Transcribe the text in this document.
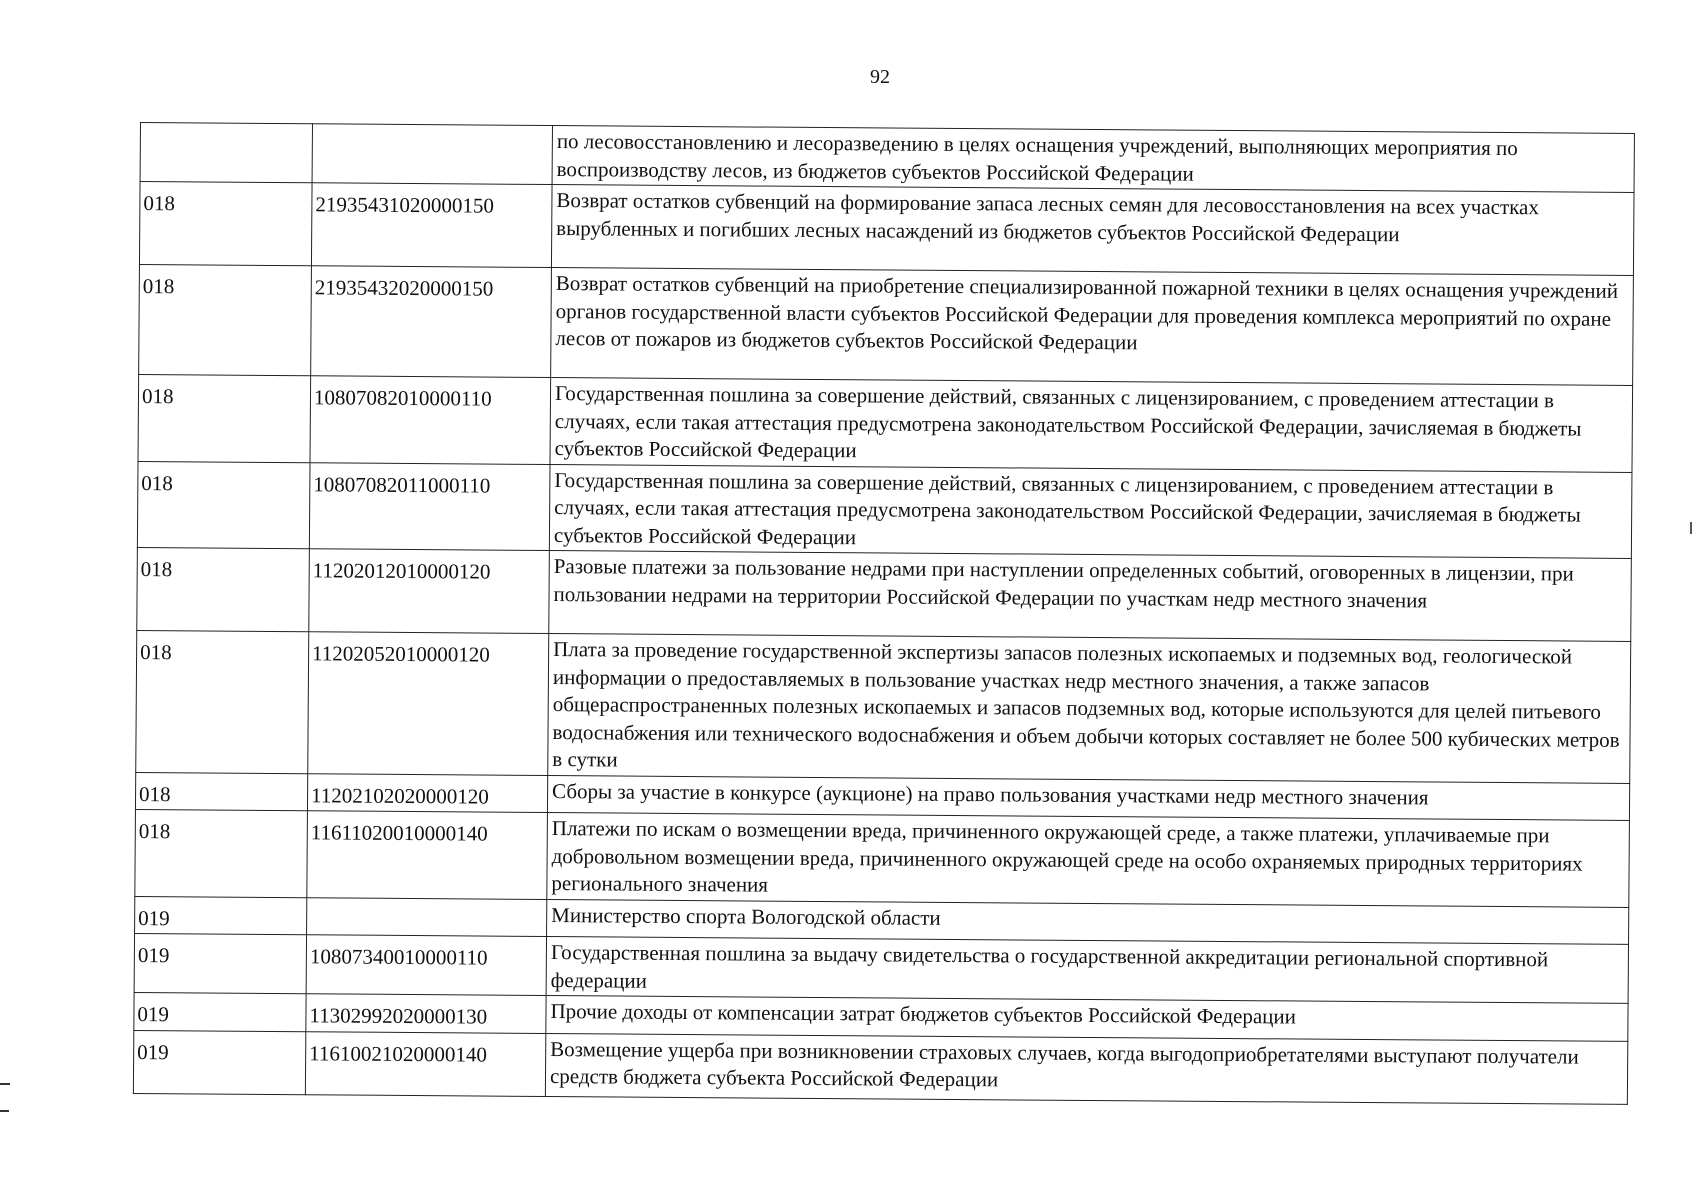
92
		по лесовосстановлению и лесоразведению в целях оснащения учреждений, выполняющих мероприятия по воспроизводству лесов, из бюджетов субъектов Российской Федерации
018	21935431020000150	Возврат остатков субвенций на формирование запаса лесных семян для лесовосстановления на всех участках вырубленных и погибших лесных насаждений из бюджетов субъектов Российской Федерации
018	21935432020000150	Возврат остатков субвенций на приобретение специализированной пожарной техники в целях оснащения учреждений органов государственной власти субъектов Российской Федерации для проведения комплекса мероприятий по охране лесов от пожаров из бюджетов субъектов Российской Федерации
018	10807082010000110	Государственная пошлина за совершение действий, связанных с лицензированием, с проведением аттестации в случаях, если такая аттестация предусмотрена законодательством Российской Федерации, зачисляемая в бюджеты субъектов Российской Федерации
018	10807082011000110	Государственная пошлина за совершение действий, связанных с лицензированием, с проведением аттестации в случаях, если такая аттестация предусмотрена законодательством Российской Федерации, зачисляемая в бюджеты субъектов Российской Федерации
018	11202012010000120	Разовые платежи за пользование недрами при наступлении определенных событий, оговоренных в лицензии, при пользовании недрами на территории Российской Федерации по участкам недр местного значения
018	11202052010000120	Плата за проведение государственной экспертизы запасов полезных ископаемых и подземных вод, геологической информации о предоставляемых в пользование участках недр местного значения, а также запасов общераспространенных полезных ископаемых и запасов подземных вод, которые используются для целей питьевого водоснабжения или технического водоснабжения и объем добычи которых составляет не более 500 кубических метров в сутки
018	11202102020000120	Сборы за участие в конкурсе (аукционе) на право пользования участками недр местного значения
018	11611020010000140	Платежи по искам о возмещении вреда, причиненного окружающей среде, а также платежи, уплачиваемые при добровольном возмещении вреда, причиненного окружающей среде на особо охраняемых природных территориях регионального значения
019		Министерство спорта Вологодской области
019	10807340010000110	Государственная пошлина за выдачу свидетельства о государственной аккредитации региональной спортивной федерации
019	11302992020000130	Прочие доходы от компенсации затрат бюджетов субъектов Российской Федерации
019	11610021020000140	Возмещение ущерба при возникновении страховых случаев, когда выгодоприобретателями выступают получатели средств бюджета субъекта Российской Федерации
